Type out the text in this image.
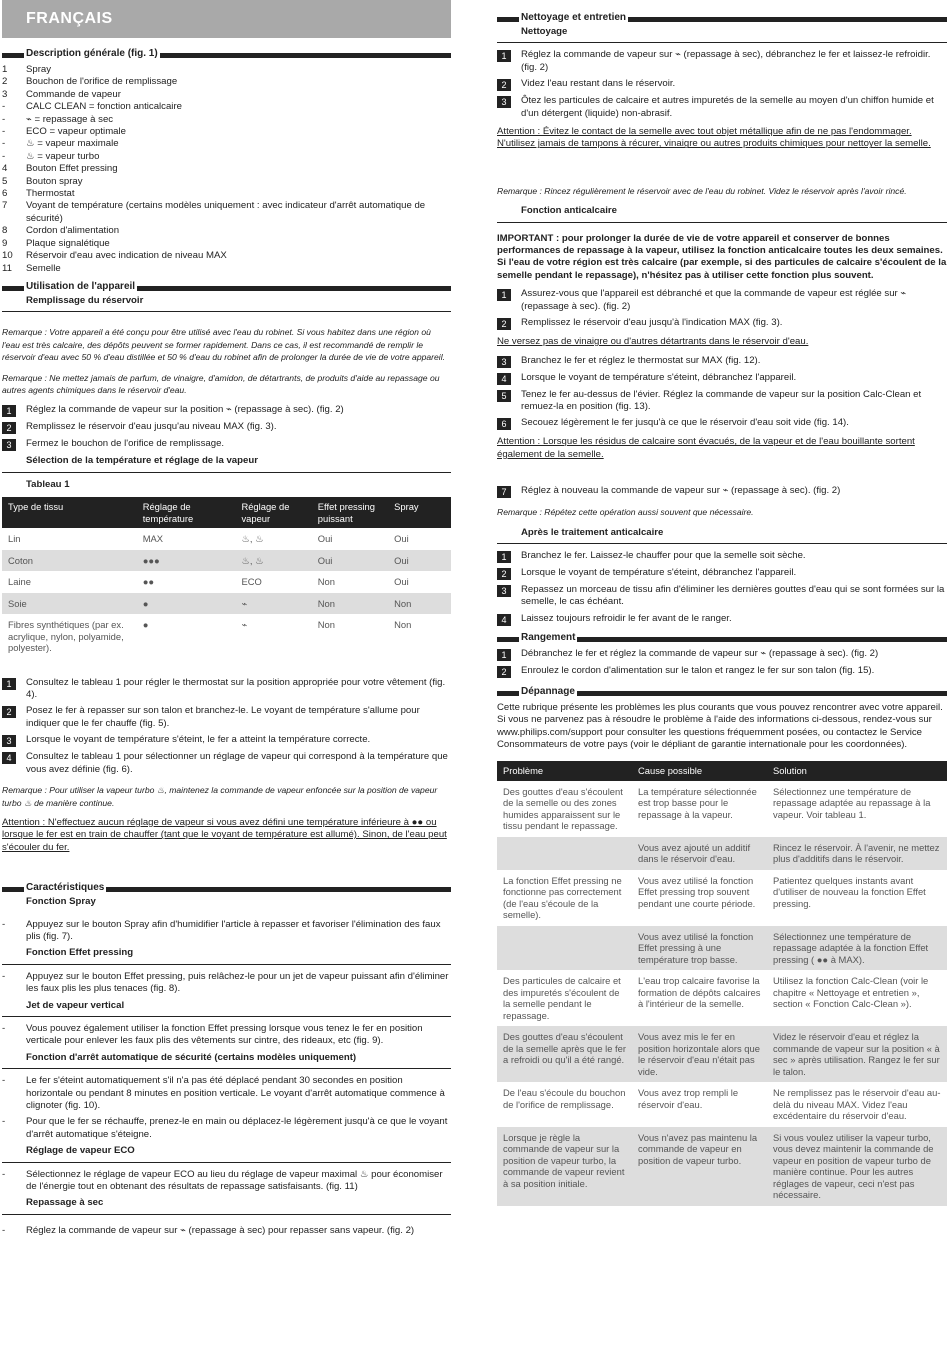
FRANÇAIS
Description générale (fig. 1)
1	Spray
2	Bouchon de l'orifice de remplissage
3	Commande de vapeur
-	CALC CLEAN = fonction anticalcaire
-	⌁ = repassage à sec
-	ECO = vapeur optimale
-	♨ = vapeur maximale
-	♨ = vapeur turbo
4	Bouton Effet pressing
5	Bouton spray
6	Thermostat
7	Voyant de température (certains modèles uniquement : avec indicateur d'arrêt automatique de sécurité)
8	Cordon d'alimentation
9	Plaque signalétique
10	Réservoir d'eau avec indication de niveau MAX
11	Semelle
Utilisation de l'appareil
Remplissage du réservoir
Remarque : Votre appareil a été conçu pour être utilisé avec l'eau du robinet. Si vous habitez dans une région où l'eau est très calcaire, des dépôts peuvent se former rapidement. Dans ce cas, il est recommandé de remplir le réservoir d'eau avec 50 % d'eau distillée et 50 % d'eau du robinet afin de prolonger la durée de vie de votre appareil.
Remarque : Ne mettez jamais de parfum, de vinaigre, d'amidon, de détartrants, de produits d'aide au repassage ou autres agents chimiques dans le réservoir d'eau.
1	Réglez la commande de vapeur sur la position ⌁ (repassage à sec). (fig. 2)
2	Remplissez le réservoir d'eau jusqu'au niveau MAX (fig. 3).
3	Fermez le bouchon de l'orifice de remplissage.
Sélection de la température et réglage de la vapeur
Tableau 1
Type de tissu	Réglage de température	Réglage de vapeur	Effet pressing puissant	Spray
Lin	MAX	♨, ♨	Oui	Oui
Coton	●●●	♨, ♨	Oui	Oui
Laine	●●	ECO	Non	Oui
Soie	●	⌁	Non	Non
Fibres synthétiques (par ex. acrylique, nylon, polyamide, polyester).	●	⌁	Non	Non
1	Consultez le tableau 1 pour régler le thermostat sur la position appropriée pour votre vêtement (fig. 4).
2	Posez le fer à repasser sur son talon et branchez-le. Le voyant de température s'allume pour indiquer que le fer chauffe (fig. 5).
3	Lorsque le voyant de température s'éteint, le fer a atteint la température correcte.
4	Consultez le tableau 1 pour sélectionner un réglage de vapeur qui correspond à la température que vous avez définie (fig. 6).
Remarque : Pour utiliser la vapeur turbo ♨, maintenez la commande de vapeur enfoncée sur la position de vapeur turbo ♨ de manière continue.
Attention : N'effectuez aucun réglage de vapeur si vous avez défini une température inférieure à ●● ou lorsque le fer est en train de chauffer (tant que le voyant de température est allumé). Sinon, de l'eau peut s'écouler du fer.
Caractéristiques
Fonction Spray
-	Appuyez sur le bouton Spray afin d'humidifier l'article à repasser et favoriser l'élimination des faux plis (fig. 7).
Fonction Effet pressing
-	Appuyez sur le bouton Effet pressing, puis relâchez-le pour un jet de vapeur puissant afin d'éliminer les faux plis les plus tenaces (fig. 8).
Jet de vapeur vertical
-	Vous pouvez également utiliser la fonction Effet pressing lorsque vous tenez le fer en position verticale pour enlever les faux plis des vêtements sur cintre, des rideaux, etc (fig. 9).
Fonction d'arrêt automatique de sécurité (certains modèles uniquement)
-	Le fer s'éteint automatiquement s'il n'a pas été déplacé pendant 30 secondes en position horizontale ou pendant 8 minutes en position verticale. Le voyant d'arrêt automatique commence à clignoter (fig. 10).
-	Pour que le fer se réchauffe, prenez-le en main ou déplacez-le légèrement jusqu'à ce que le voyant d'arrêt automatique s'éteigne.
Réglage de vapeur ECO
-	Sélectionnez le réglage de vapeur ECO au lieu du réglage de vapeur maximal ♨ pour économiser de l'énergie tout en obtenant des résultats de repassage satisfaisants. (fig. 11)
Repassage à sec
-	Réglez la commande de vapeur sur ⌁ (repassage à sec) pour repasser sans vapeur. (fig. 2)
Nettoyage et entretien
Nettoyage
1	Réglez la commande de vapeur sur ⌁ (repassage à sec), débranchez le fer et laissez-le refroidir. (fig. 2)
2	Videz l'eau restant dans le réservoir.
3	Ôtez les particules de calcaire et autres impuretés de la semelle au moyen d'un chiffon humide et d'un détergent (liquide) non-abrasif.
Attention : Évitez le contact de la semelle avec tout objet métallique afin de ne pas l'endommager. N'utilisez jamais de tampons à récurer, vinaigre ou autres produits chimiques pour nettoyer la semelle.
Remarque : Rincez régulièrement le réservoir avec de l'eau du robinet. Videz le réservoir après l'avoir rincé.
Fonction anticalcaire
IMPORTANT : pour prolonger la durée de vie de votre appareil et conserver de bonnes performances de repassage à la vapeur, utilisez la fonction anticalcaire toutes les deux semaines. Si l'eau de votre région est très calcaire (par exemple, si des particules de calcaire s'écoulent de la semelle pendant le repassage), n'hésitez pas à utiliser cette fonction plus souvent.
1	Assurez-vous que l'appareil est débranché et que la commande de vapeur est réglée sur ⌁ (repassage à sec). (fig. 2)
2	Remplissez le réservoir d'eau jusqu'à l'indication MAX (fig. 3).
Ne versez pas de vinaigre ou d'autres détartrants dans le réservoir d'eau.
3	Branchez le fer et réglez le thermostat sur MAX (fig. 12).
4	Lorsque le voyant de température s'éteint, débranchez l'appareil.
5	Tenez le fer au-dessus de l'évier. Réglez la commande de vapeur sur la position Calc-Clean et remuez-la en position (fig. 13).
6	Secouez légèrement le fer jusqu'à ce que le réservoir d'eau soit vide (fig. 14).
Attention : Lorsque les résidus de calcaire sont évacués, de la vapeur et de l'eau bouillante sortent également de la semelle.
7	Réglez à nouveau la commande de vapeur sur ⌁ (repassage à sec). (fig. 2)
Remarque : Répétez cette opération aussi souvent que nécessaire.
Après le traitement anticalcaire
1	Branchez le fer. Laissez-le chauffer pour que la semelle soit sèche.
2	Lorsque le voyant de température s'éteint, débranchez l'appareil.
3	Repassez un morceau de tissu afin d'éliminer les dernières gouttes d'eau qui se sont formées sur la semelle, le cas échéant.
4	Laissez toujours refroidir le fer avant de le ranger.
Rangement
1	Débranchez le fer et réglez la commande de vapeur sur ⌁ (repassage à sec). (fig. 2)
2	Enroulez le cordon d'alimentation sur le talon et rangez le fer sur son talon (fig. 15).
Dépannage
Cette rubrique présente les problèmes les plus courants que vous pouvez rencontrer avec votre appareil. Si vous ne parvenez pas à résoudre le problème à l'aide des informations ci-dessous, rendez-vous sur www.philips.com/support pour consulter les questions fréquemment posées, ou contactez le Service Consommateurs de votre pays (voir le dépliant de garantie internationale pour les coordonnées).
Problème	Cause possible	Solution
Des gouttes d'eau s'écoulent de la semelle ou des zones humides apparaissent sur le tissu pendant le repassage.	La température sélectionnée est trop basse pour le repassage à la vapeur.	Sélectionnez une température de repassage adaptée au repassage à la vapeur. Voir tableau 1.
	Vous avez ajouté un additif dans le réservoir d'eau.	Rincez le réservoir. À l'avenir, ne mettez plus d'additifs dans le réservoir.
La fonction Effet pressing ne fonctionne pas correctement (de l'eau s'écoule de la semelle).	Vous avez utilisé la fonction Effet pressing trop souvent pendant une courte période.	Patientez quelques instants avant d'utiliser de nouveau la fonction Effet pressing.
	Vous avez utilisé la fonction Effet pressing à une température trop basse.	Sélectionnez une température de repassage adaptée à la fonction Effet pressing ( ●● à MAX).
Des particules de calcaire et des impuretés s'écoulent de la semelle pendant le repassage.	L'eau trop calcaire favorise la formation de dépôts calcaires à l'intérieur de la semelle.	Utilisez la fonction Calc-Clean (voir le chapitre « Nettoyage et entretien », section « Fonction Calc-Clean »).
Des gouttes d'eau s'écoulent de la semelle après que le fer a refroidi ou qu'il a été rangé.	Vous avez mis le fer en position horizontale alors que le réservoir d'eau n'était pas vide.	Videz le réservoir d'eau et réglez la commande de vapeur sur la position « à sec » après utilisation. Rangez le fer sur le talon.
De l'eau s'écoule du bouchon de l'orifice de remplissage.	Vous avez trop rempli le réservoir d'eau.	Ne remplissez pas le réservoir d'eau au-delà du niveau MAX. Videz l'eau excédentaire du réservoir d'eau.
Lorsque je règle la commande de vapeur sur la position de vapeur turbo, la commande de vapeur revient à sa position initiale.	Vous n'avez pas maintenu la commande de vapeur en position de vapeur turbo.	Si vous voulez utiliser la vapeur turbo, vous devez maintenir la commande de vapeur en position de vapeur turbo de manière continue. Pour les autres réglages de vapeur, ceci n'est pas nécessaire.
